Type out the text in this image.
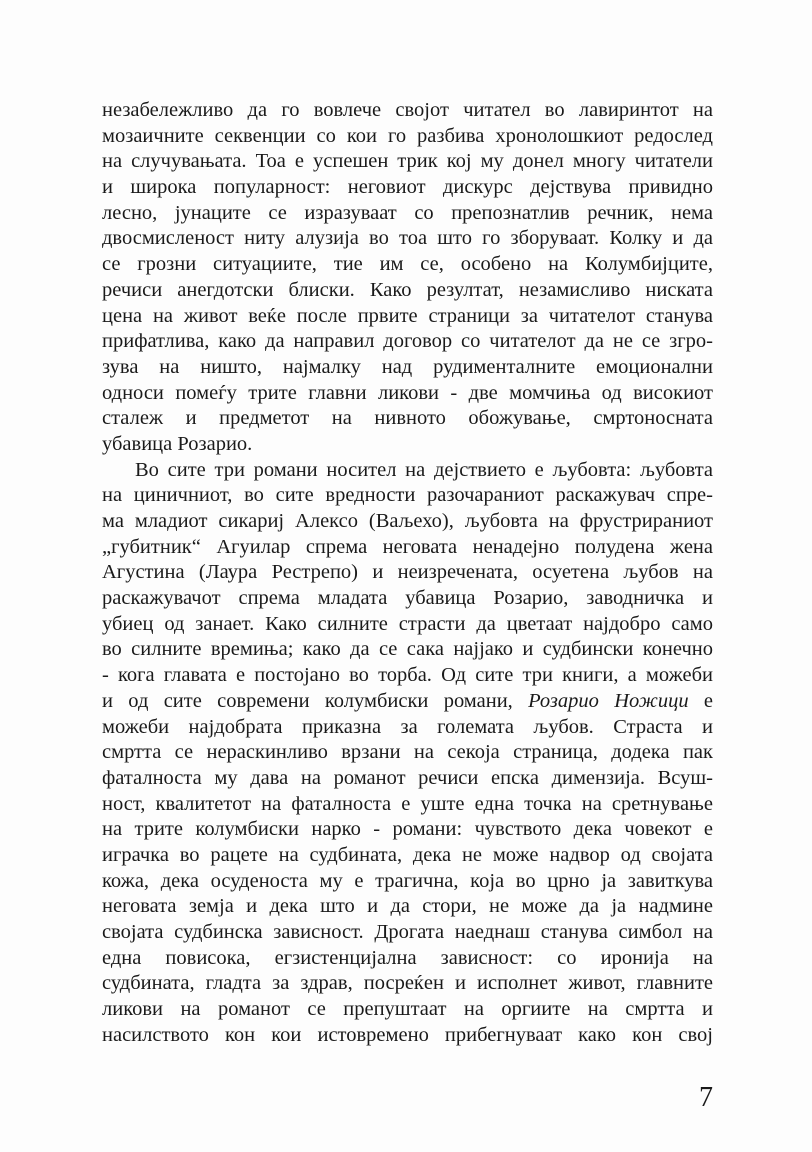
незабележливо да го вовлече својот читател во лавиринтот на
мозаичните секвенции со кои го разбива хронолошкиот редослед
на случувањата. Тоа е успешен трик кој му донел многу читатели
и широка популарност: неговиот дискурс дејствува привидно
лесно, јунаците се изразуваат со препознатлив речник, нема
двосмисленост ниту алузија во тоа што го зборуваат. Колку и да
се грозни ситуациите, тие им се, особено на Колумбијците,
речиси анегдотски блиски. Како резултат, незамисливо ниската
цена на живот веќе после првите страници за читателот станува
прифатлива, како да направил договор со читателот да не се згро-
зува на ништо, најмалку над рудименталните емоционални
односи помеѓу трите главни ликови - две момчиња од високиот
сталеж и предметот на нивното обожување, смртоносната
убавица Розарио.
Во сите три романи носител на дејствието е љубовта: љубовта
на циничниот, во сите вредности разочараниот раскажувач спре-
ма младиот сикариј Алексо (Ваљехо), љубовта на фрустрираниот
„губитник“ Агуилар спрема неговата ненадејно полудена жена
Агустина (Лаура Рестрепо) и неизречената, осуетена љубов на
раскажувачот спрема младата убавица Розарио, заводничка и
убиец од занает. Како силните страсти да цветаат најдобро само
во силните времиња; како да се сака најјако и судбински конечно
- кога главата е постојано во торба. Од сите три книги, а можеби
и од сите современи колумбиски романи, Розарио Ножици е
можеби најдобрата приказна за големата љубов. Страста и
смртта се нераскинливо врзани на секоја страница, додека пак
фаталноста му дава на романот речиси епска димензија. Всуш-
ност, квалитетот на фаталноста е уште една точка на сретнување
на трите колумбиски нарко - романи: чувството дека човекот е
играчка во рацете на судбината, дека не може надвор од својата
кожа, дека осуденоста му е трагична, која во црно ја завиткува
неговата земја и дека што и да стори, не може да ја надмине
својата судбинска зависност. Дрогата наеднаш станува симбол на
една повисока, егзистенцијална зависност: со иронија на
судбината, гладта за здрав, посреќен и исполнет живот, главните
ликови на романот се препуштаат на оргиите на смртта и
насилството кон кои истовремено прибегнуваат како кон свој
7
